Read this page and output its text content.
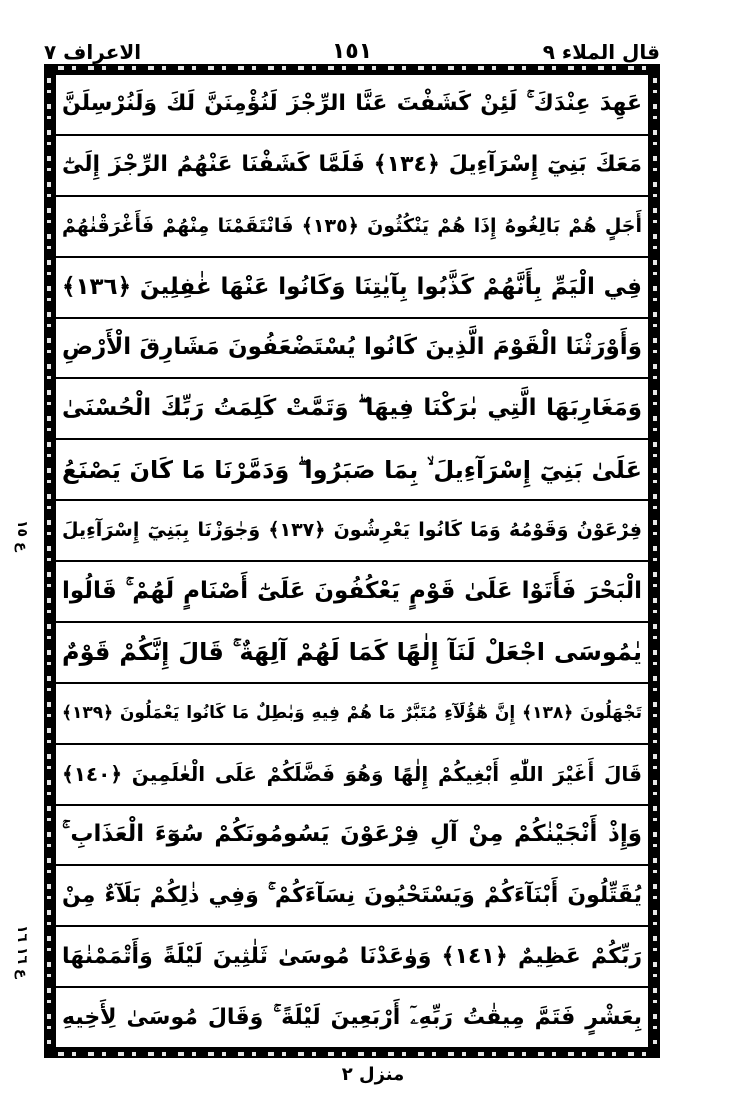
قال الملاء ٩
١٥١
الاعراف ٧
ع ١٥
ع ١٦ ١٦
عَهِدَ عِنْدَكَ ۚ لَئِنْ كَشَفْتَ عَنَّا الرِّجْزَ لَنُؤْمِنَنَّ لَكَ وَلَنُرْسِلَنَّ
مَعَكَ بَنِيٓ إِسْرَآءِيلَ ﴿١٣٤﴾ فَلَمَّا كَشَفْنَا عَنْهُمُ الرِّجْزَ إِلَىٰٓ
أَجَلٍ هُمْ بَالِغُوهُ إِذَا هُمْ يَنْكُثُونَ ﴿١٣٥﴾ فَانْتَقَمْنَا مِنْهُمْ فَأَغْرَقْنٰهُمْ
فِي الْيَمِّ بِأَنَّهُمْ كَذَّبُوا بِآيٰتِنَا وَكَانُوا عَنْهَا غٰفِلِينَ ﴿١٣٦﴾
وَأَوْرَثْنَا الْقَوْمَ الَّذِينَ كَانُوا يُسْتَضْعَفُونَ مَشَارِقَ الْأَرْضِ
وَمَغَارِبَهَا الَّتِي بٰرَكْنَا فِيهَا ۖ وَتَمَّتْ كَلِمَتُ رَبِّكَ الْحُسْنَىٰ
عَلَىٰ بَنِيٓ إِسْرَآءِيلَ ۙ بِمَا صَبَرُوا ۖ وَدَمَّرْنَا مَا كَانَ يَصْنَعُ
فِرْعَوْنُ وَقَوْمُهُ وَمَا كَانُوا يَعْرِشُونَ ﴿١٣٧﴾ وَجٰوَزْنَا بِبَنِيٓ إِسْرَآءِيلَ
الْبَحْرَ فَأَتَوْا عَلَىٰ قَوْمٍ يَعْكُفُونَ عَلَىٰٓ أَصْنَامٍ لَهُمْ ۚ قَالُوا
يٰمُوسَى اجْعَلْ لَنَآ إِلٰهًا كَمَا لَهُمْ آلِهَةٌ ۚ قَالَ إِنَّكُمْ قَوْمٌ
تَجْهَلُونَ ﴿١٣٨﴾ إِنَّ هٰٓؤُلَآءِ مُتَبَّرٌ مَا هُمْ فِيهِ وَبٰطِلٌ مَا كَانُوا يَعْمَلُونَ ﴿١٣٩﴾
قَالَ أَغَيْرَ اللّٰهِ أَبْغِيكُمْ إِلٰهًا وَهُوَ فَضَّلَكُمْ عَلَى الْعٰلَمِينَ ﴿١٤٠﴾
وَإِذْ أَنْجَيْنٰكُمْ مِنْ آلِ فِرْعَوْنَ يَسُومُونَكُمْ سُوٓءَ الْعَذَابِ ۚ
يُقَتِّلُونَ أَبْنَآءَكُمْ وَيَسْتَحْيُونَ نِسَآءَكُمْ ۚ وَفِي ذٰلِكُمْ بَلَآءٌ مِنْ
رَبِّكُمْ عَظِيمٌ ﴿١٤١﴾ وَوٰعَدْنَا مُوسَىٰ ثَلٰثِينَ لَيْلَةً وَأَتْمَمْنٰهَا
بِعَشْرٍ فَتَمَّ مِيقٰتُ رَبِّهِۦٓ أَرْبَعِينَ لَيْلَةً ۚ وَقَالَ مُوسَىٰ لِأَخِيهِ
منزل ٢
